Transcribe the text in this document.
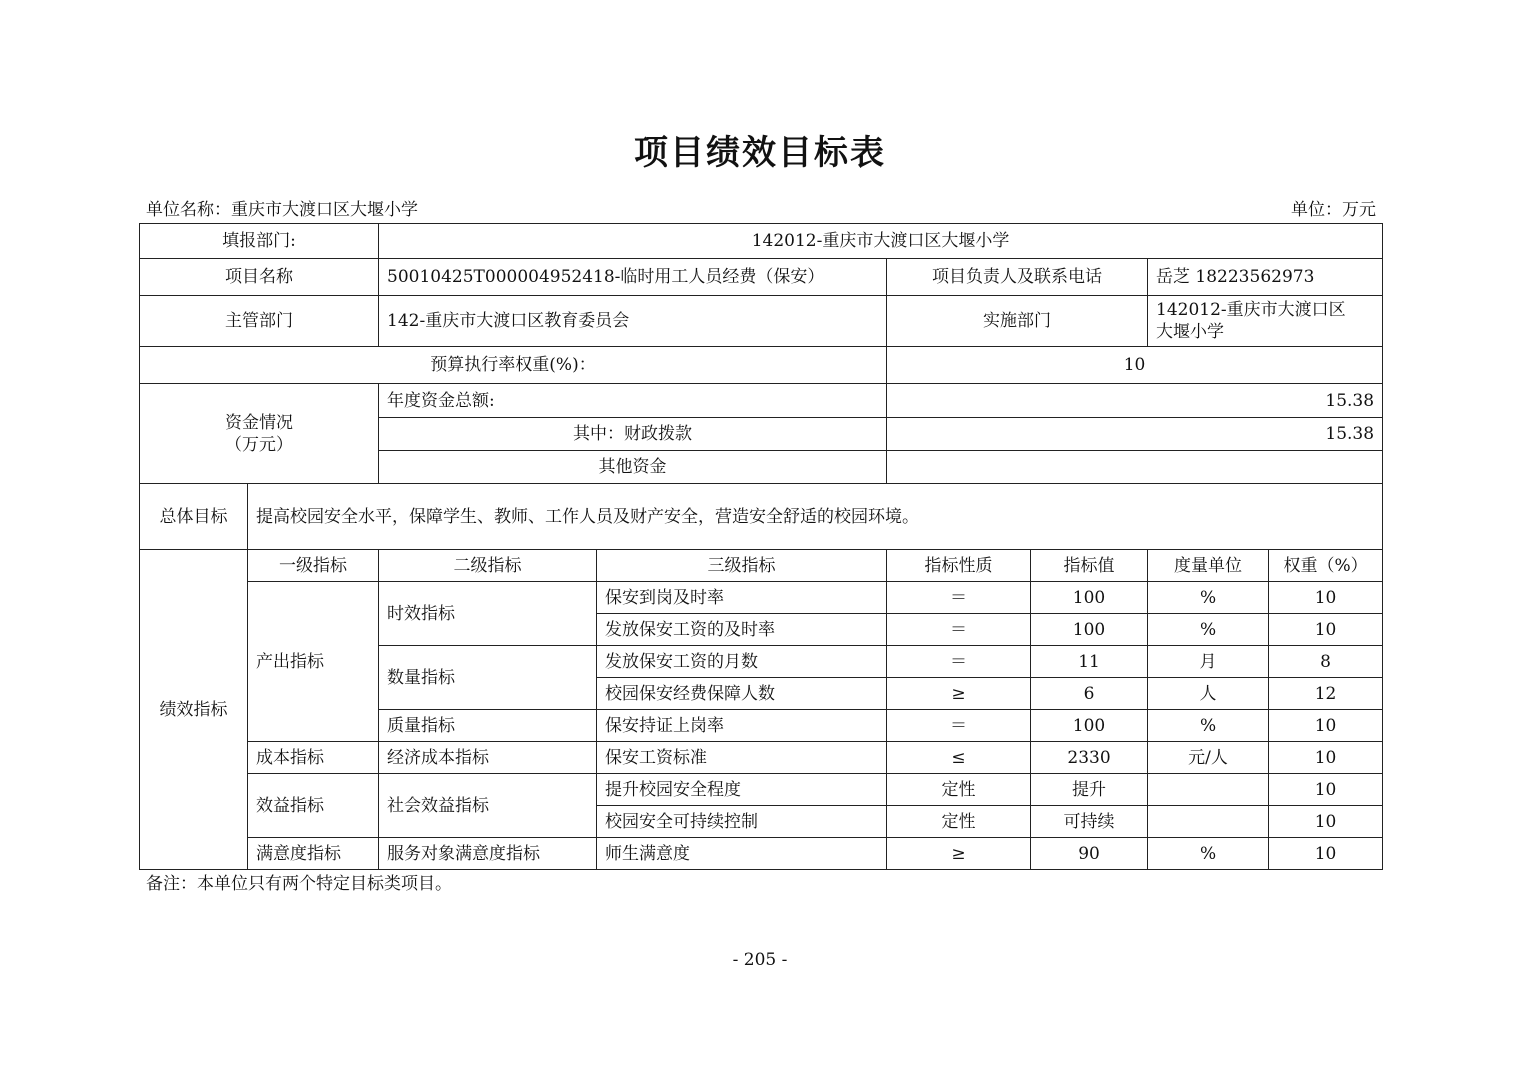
项目绩效目标表
单位名称：重庆市大渡口区大堰小学	单位：万元
填报部门:		142012-重庆市大渡口区大堰小学					
项目名称		50010425T000004952418-临时用工人员经费（保安）		项目负责人及联系电话		岳芝 18223562973	
主管部门		142-重庆市大渡口区教育委员会		实施部门		142012-重庆市大渡口区
大堰小学	

预算执行率权重(%)：				10			

资金情况
（万元）		年度资金总额:		15.38			
		其中：财政拨款		15.38			
		其他资金					
总体目标	提高校园安全水平，保障学生、教师、工作人员及财产安全，营造安全舒适的校园环境。						
绩效指标	一级指标	二级指标	三级指标	指标性质	指标值	度量单位	权重（%）
	产出指标	时效指标	保安到岗及时率	＝	100	%	10
			发放保安工资的及时率	＝	100	%	10
		数量指标	发放保安工资的月数	＝	11	月	8
			校园保安经费保障人数	≥	6	人	12
		质量指标	保安持证上岗率	＝	100	%	10
	成本指标	经济成本指标	保安工资标准	≤	2330	元/人	10
	效益指标	社会效益指标	提升校园安全程度	定性	提升		10
			校园安全可持续控制	定性	可持续		10
	满意度指标	服务对象满意度指标	师生满意度	≥	90	%	10
备注：本单位只有两个特定目标类项目。
- 205 -
